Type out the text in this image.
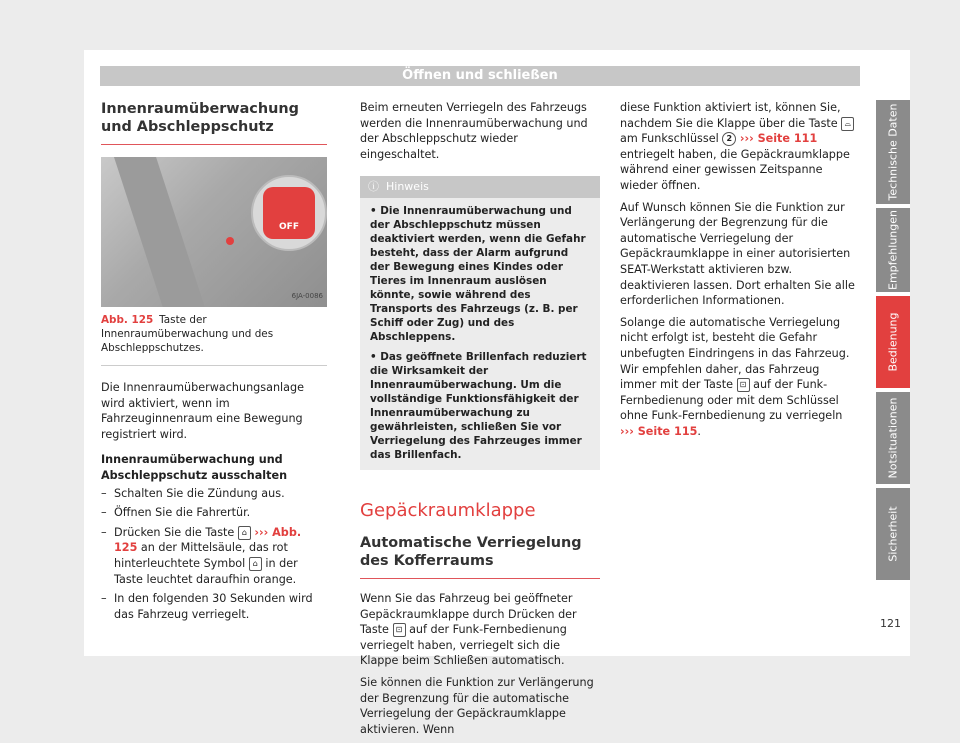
Öffnen und schließen
Innenraumüberwachung und Abschleppschutz
OFF
6JA-0086
Abb. 125 Taste der Innenraumüberwachung und des Abschleppschutzes.

Die Innenraumüberwachungsanlage wird aktiviert, wenn im Fahrzeuginnenraum eine Bewegung registriert wird.

Innenraumüberwachung und Abschleppschutz ausschalten
– Schalten Sie die Zündung aus.
– Öffnen Sie die Fahrertür.
– Drücken Sie die Taste ⌂ ››› Abb. 125 an der Mittelsäule, das rot hinterleuchtete Symbol ⌂ in der Taste leuchtet daraufhin orange.
– In den folgenden 30 Sekunden wird das Fahrzeug verriegelt.

Beim erneuten Verriegeln des Fahrzeugs werden die Innenraumüberwachung und der Abschleppschutz wieder eingeschaltet.

ⓘ Hinweis

• Die Innenraumüberwachung und der Abschleppschutz müssen deaktiviert werden, wenn die Gefahr besteht, dass der Alarm aufgrund der Bewegung eines Kindes oder Tieres im Innenraum auslösen könnte, sowie während des Transports des Fahrzeugs (z. B. per Schiff oder Zug) und des Abschleppens.

• Das geöffnete Brillenfach reduziert die Wirksamkeit der Innenraumüberwachung. Um die vollständige Funktionsfähigkeit der Innenraumüberwachung zu gewährleisten, schließen Sie vor Verriegelung des Fahrzeuges immer das Brillenfach.

Gepäckraumklappe
Automatische Verriegelung des Kofferraums

Wenn Sie das Fahrzeug bei geöffneter Gepäckraumklappe durch Drücken der Taste ⊡ auf der Funk-Fernbedienung verriegelt haben, verriegelt sich die Klappe beim Schließen automatisch.

Sie können die Funktion zur Verlängerung der Begrenzung für die automatische Verriegelung der Gepäckraumklappe aktivieren. Wenn

diese Funktion aktiviert ist, können Sie, nachdem Sie die Klappe über die Taste ⌓ am Funkschlüssel 2 ››› Seite 111 entriegelt haben, die Gepäckraumklappe während einer gewissen Zeitspanne wieder öffnen.

Auf Wunsch können Sie die Funktion zur Verlängerung der Begrenzung für die automatische Verriegelung der Gepäckraumklappe in einer autorisierten SEAT-Werkstatt aktivieren bzw. deaktivieren lassen. Dort erhalten Sie alle erforderlichen Informationen.

Solange die automatische Verriegelung nicht erfolgt ist, besteht die Gefahr unbefugten Eindringens in das Fahrzeug. Wir empfehlen daher, das Fahrzeug immer mit der Taste ⊡ auf der Funk-Fernbedienung oder mit dem Schlüssel ohne Funk-Fernbedienung zu verriegeln ››› Seite 115.

Technische Daten
Empfehlungen
Bedienung
Notsituationen
Sicherheit
121
